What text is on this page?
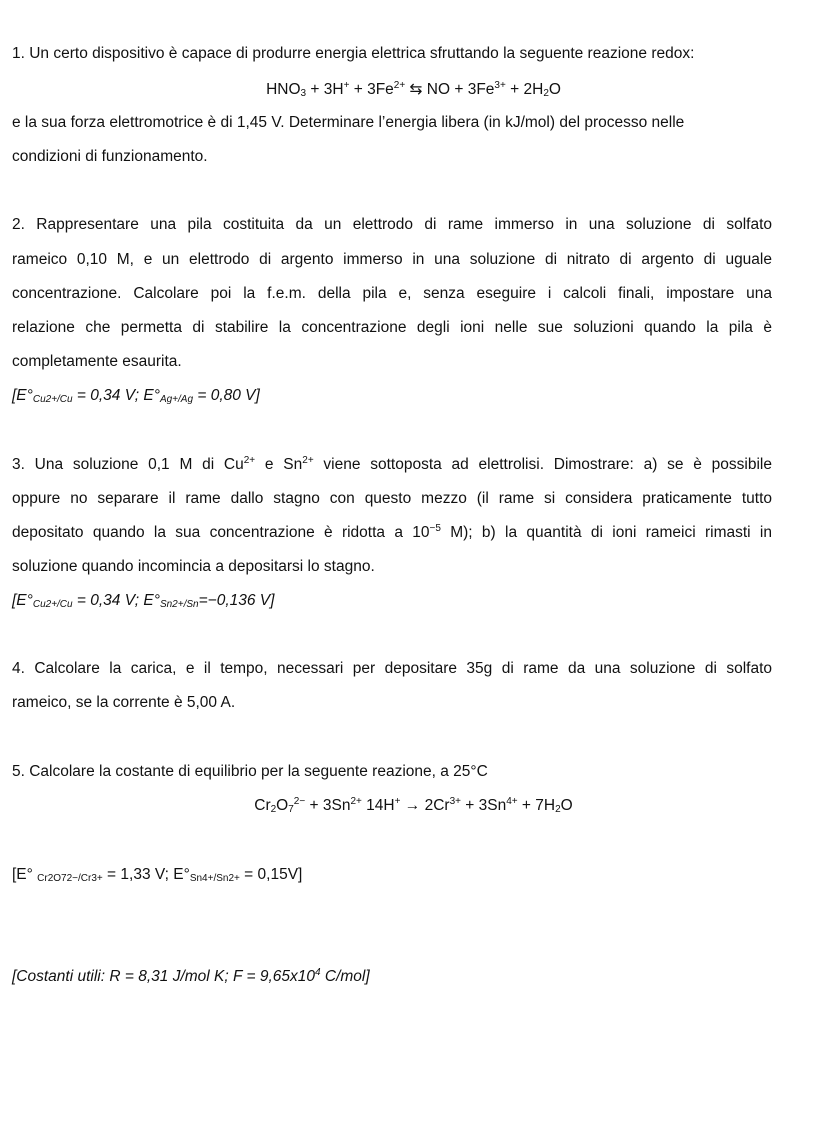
1. Un certo dispositivo è capace di produrre energia elettrica sfruttando la seguente reazione redox:
$HNO_3 + 3H^+ + 3Fe^{2+}$ ⇆ NO + $3Fe^{3+} + 2H_2O$
e la sua forza elettromotrice è di 1,45 V. Determinare l’energia libera (in kJ/mol) del processo nelle
condizioni di funzionamento.
2. Rappresentare una pila costituita da un elettrodo di rame immerso in una soluzione di solfato
rameico 0,10 M, e un elettrodo di argento immerso in una soluzione di nitrato di argento di uguale
concentrazione. Calcolare poi la f.e.m. della pila e, senza eseguire i calcoli finali, impostare una
relazione che permetta di stabilire la concentrazione degli ioni nelle sue soluzioni quando la pila è
completamente esaurita.
[$E^\circ_{Cu2+/Cu} = 0,34$ V; $E^\circ_{Ag+/Ag} = 0,80$ V]
3. Una soluzione 0,1 M di $Cu^{2+}$ e $Sn^{2+}$ viene sottoposta ad elettrolisi. Dimostrare: a) se è possibile
oppure no separare il rame dallo stagno con questo mezzo (il rame si considera praticamente tutto
depositato quando la sua concentrazione è ridotta a $10^{-5}$ M); b) la quantità di ioni rameici rimasti in
soluzione quando incomincia a depositarsi lo stagno.
[$E^\circ_{Cu2+/Cu} = 0,34$ V; $E^\circ_{Sn2+/Sn}=-0,136$ V]
4. Calcolare la carica, e il tempo, necessari per depositare 35g di rame da una soluzione di solfato
rameico, se la corrente è 5,00 A.
5. Calcolare la costante di equilibrio per la seguente reazione, a 25°C
$Cr_2O_7^{2-} + 3Sn^{2+}$ $14H^+ \to 2Cr^{3+} + 3Sn^{4+} + 7H_2O$
[E° $_{Cr2O72-/Cr3+}$ = 1,33 V; $E^\circ_{Sn4+/Sn2+} = 0,15V$]
[Costanti utili: R = 8,31 J/mol K; $F = 9,65x10^4$ C/mol]
